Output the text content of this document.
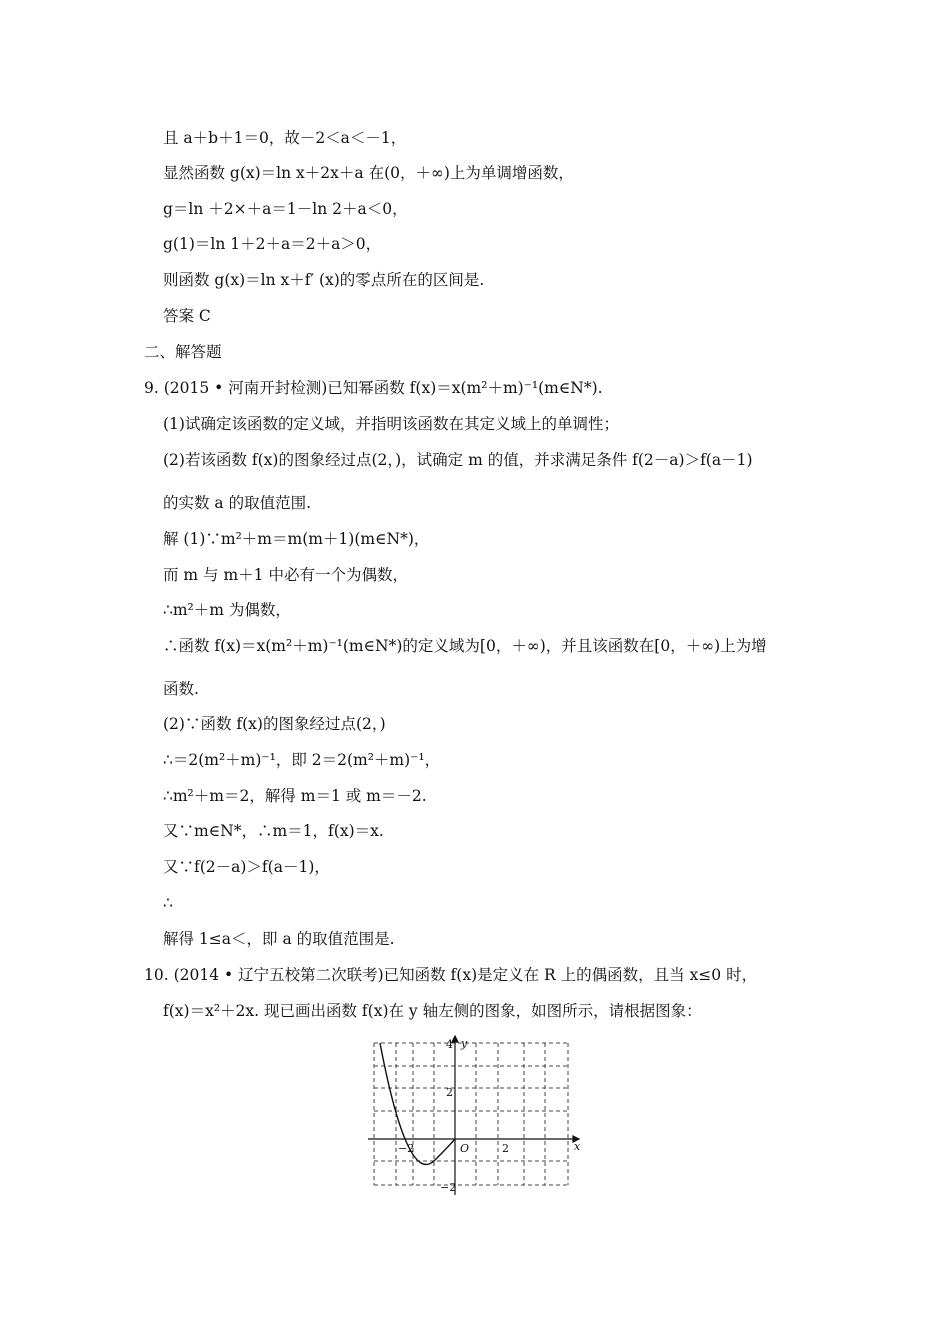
且 a＋b＋1＝0，故－2＜a＜－1，
显然函数 g(x)＝ln x＋2x＋a 在(0，＋∞)上为单调增函数，
g＝ln ＋2×＋a＝1－ln 2＋a＜0，
g(1)＝ln 1＋2＋a＝2＋a＞0，
则函数 g(x)＝ln x＋f′ (x)的零点所在的区间是.
答案 C
二、解答题
9. (2015 • 河南开封检测)已知幂函数 f(x)＝x(m²＋m)⁻¹(m∈N*).
(1)试确定该函数的定义域，并指明该函数在其定义域上的单调性；
(2)若该函数 f(x)的图象经过点(2，)，试确定 m 的值，并求满足条件 f(2－a)＞f(a－1)
的实数 a 的取值范围.
解 (1)∵m²＋m＝m(m＋1)(m∈N*)，
而 m 与 m＋1 中必有一个为偶数，
∴m²＋m 为偶数，
∴函数 f(x)＝x(m²＋m)⁻¹(m∈N*)的定义域为[0，＋∞)，并且该函数在[0，＋∞)上为增
函数.
(2)∵函数 f(x)的图象经过点(2，)
∴＝2(m²＋m)⁻¹，即 2＝2(m²＋m)⁻¹，
∴m²＋m＝2，解得 m＝1 或 m＝－2.
又∵m∈N*，∴m＝1，f(x)＝x.
又∵f(2－a)＞f(a－1)，
∴
解得 1≤a＜，即 a 的取值范围是.
10. (2014 • 辽宁五校第二次联考)已知函数 f(x)是定义在 R 上的偶函数，且当 x≤0 时，
f(x)＝x²＋2x. 现已画出函数 f(x)在 y 轴左侧的图象，如图所示，请根据图象：
x
y
O
−2	2
4
2
−2
